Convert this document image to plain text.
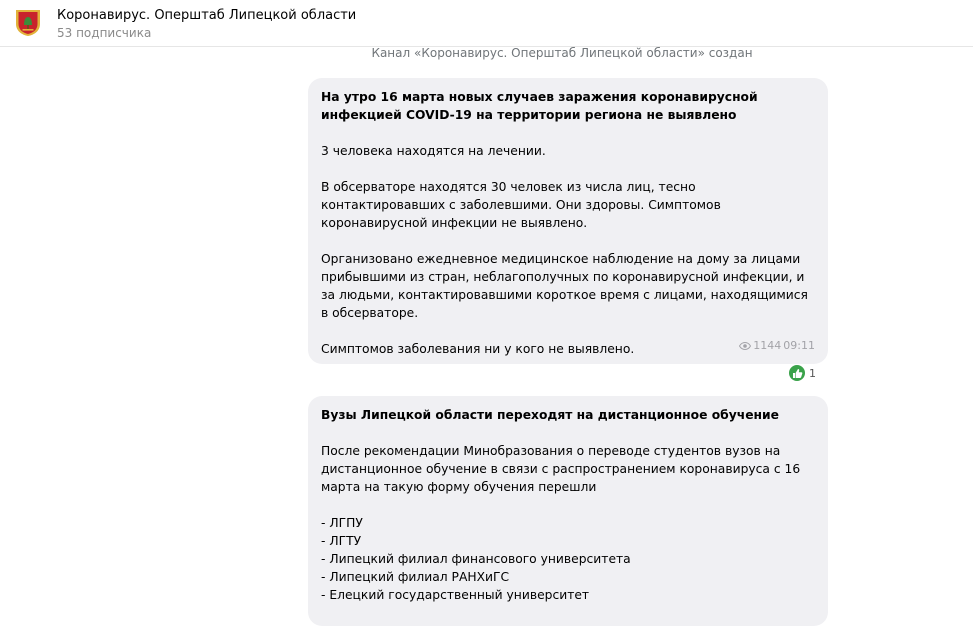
Коронавирус. Оперштаб Липецкой области
53 подписчика
Канал «Коронавирус. Оперштаб Липецкой области» создан
На утро 16 марта новых случаев заражения коронавирусной инфекцией COVID-19 на территории региона не выявлено

3 человека находятся на лечении.

В обсерваторе находятся 30 человек из числа лиц, тесно контактировавших с заболевшими. Они здоровы. Симптомов коронавирусной инфекции не выявлено.

Организовано ежедневное медицинское наблюдение на дому за лицами прибывшими из стран, неблагополучных по коронавирусной инфекции, и за людьми, контактировавшими короткое время с лицами, находящимися в обсерваторе.

Симптомов заболевания ни у кого не выявлено.	1144 09:11
1
Вузы Липецкой области переходят на дистанционное обучение

После рекомендации Минобразования о переводе студентов вузов на дистанционное обучение в связи с распространением коронавируса с 16 марта на такую форму обучения перешли

- ЛГПУ
- ЛГТУ
- Липецкий филиал финансового университета
- Липецкий филиал РАНХиГС
- Елецкий государственный университет
